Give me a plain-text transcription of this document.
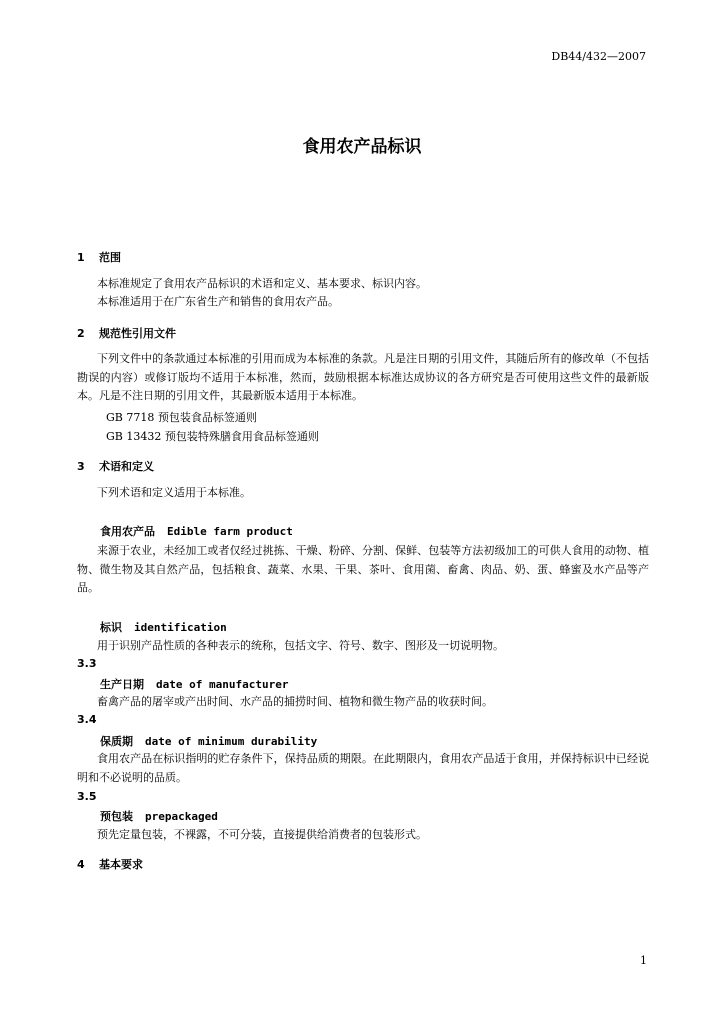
DB44/432—2007
食用农产品标识
1 范围
本标准规定了食用农产品标识的术语和定义、基本要求、标识内容。
本标准适用于在广东省生产和销售的食用农产品。
2 规范性引用文件
下列文件中的条款通过本标准的引用而成为本标准的条款。凡是注日期的引用文件，其随后所有的修改单（不包括勘误的内容）或修订版均不适用于本标准，然而，鼓励根据本标准达成协议的各方研究是否可使用这些文件的最新版本。凡是不注日期的引用文件，其最新版本适用于本标准。
GB 7718 预包装食品标签通则
GB 13432 预包装特殊膳食用食品标签通则
3 术语和定义
下列术语和定义适用于本标准。
食用农产品 Edible farm product
来源于农业，未经加工或者仅经过挑拣、干燥、粉碎、分割、保鲜、包装等方法初级加工的可供人食用的动物、植物、微生物及其自然产品，包括粮食、蔬菜、水果、干果、茶叶、食用菌、畜禽、肉品、奶、蛋、蜂蜜及水产品等产品。
标识 identification
用于识别产品性质的各种表示的统称，包括文字、符号、数字、图形及一切说明物。
3.3
生产日期 date of manufacturer
畜禽产品的屠宰或产出时间、水产品的捕捞时间、植物和微生物产品的收获时间。
3.4
保质期 date of minimum durability
食用农产品在标识指明的贮存条件下，保持品质的期限。在此期限内，食用农产品适于食用，并保持标识中已经说明和不必说明的品质。
3.5
预包装 prepackaged
预先定量包装，不裸露，不可分装，直接提供给消费者的包装形式。
4 基本要求
1
